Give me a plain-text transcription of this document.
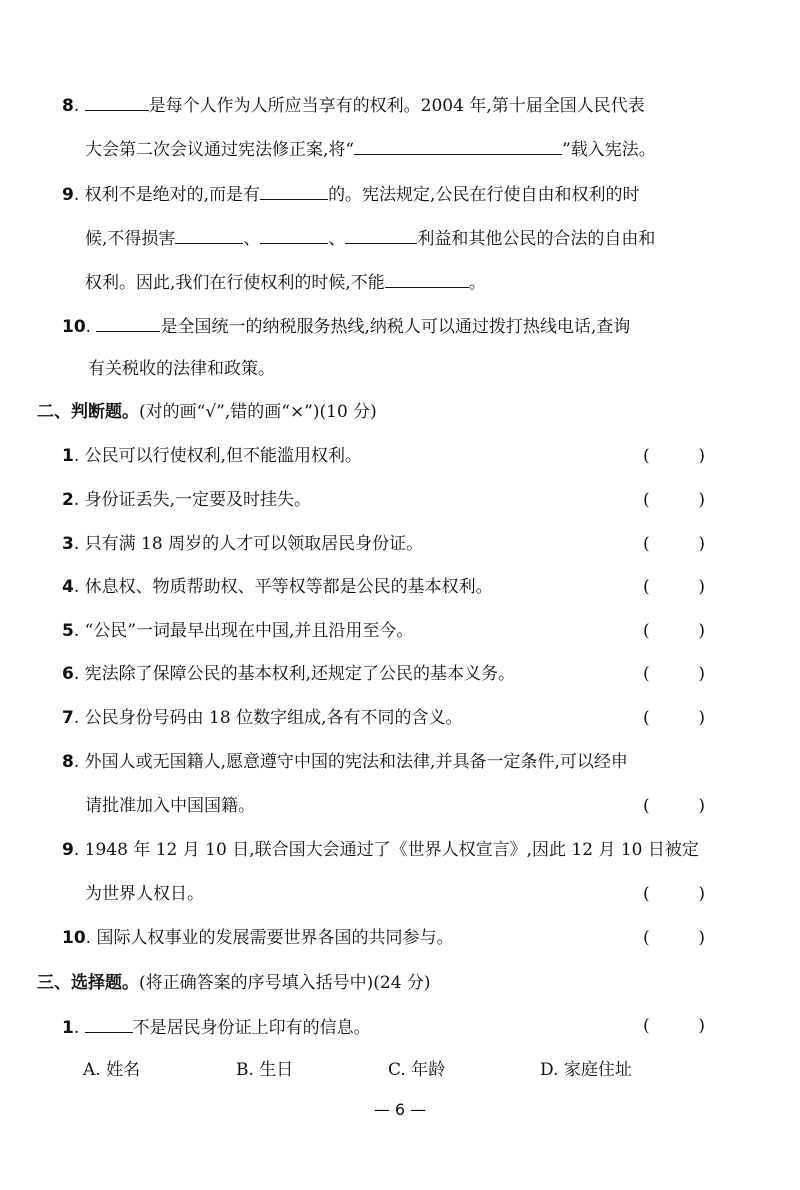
8.	是每个人作为人所应当享有的权利。2004 年,第十届全国人民代表
大会第二次会议通过宪法修正案,将“	”载入宪法。
9. 权利不是绝对的,而是有	的。宪法规定,公民在行使自由和权利的时
候,不得损害	、	、	利益和其他公民的合法的自由和
权利。因此,我们在行使权利的时候,不能	。
10.	是全国统一的纳税服务热线,纳税人可以通过拨打热线电话,查询
有关税收的法律和政策。
二、判断题。(对的画“√”,错的画“×”)(10 分)
1. 公民可以行使权利,但不能滥用权利。	(	)
2. 身份证丢失,一定要及时挂失。	(	)
3. 只有满 18 周岁的人才可以领取居民身份证。	(	)
4. 休息权、物质帮助权、平等权等都是公民的基本权利。	(	)
5. “公民”一词最早出现在中国,并且沿用至今。	(	)
6. 宪法除了保障公民的基本权利,还规定了公民的基本义务。	(	)
7. 公民身份号码由 18 位数字组成,各有不同的含义。	(	)
8. 外国人或无国籍人,愿意遵守中国的宪法和法律,并具备一定条件,可以经申
请批准加入中国国籍。	(	)
9. 1948 年 12 月 10 日,联合国大会通过了《世界人权宣言》,因此 12 月 10 日被定
为世界人权日。	(	)
10. 国际人权事业的发展需要世界各国的共同参与。	(	)
三、选择题。(将正确答案的序号填入括号中)(24 分)
1.	不是居民身份证上印有的信息。	(	)
A. 姓名	B. 生日	C. 年龄	D. 家庭住址
— 6 —
